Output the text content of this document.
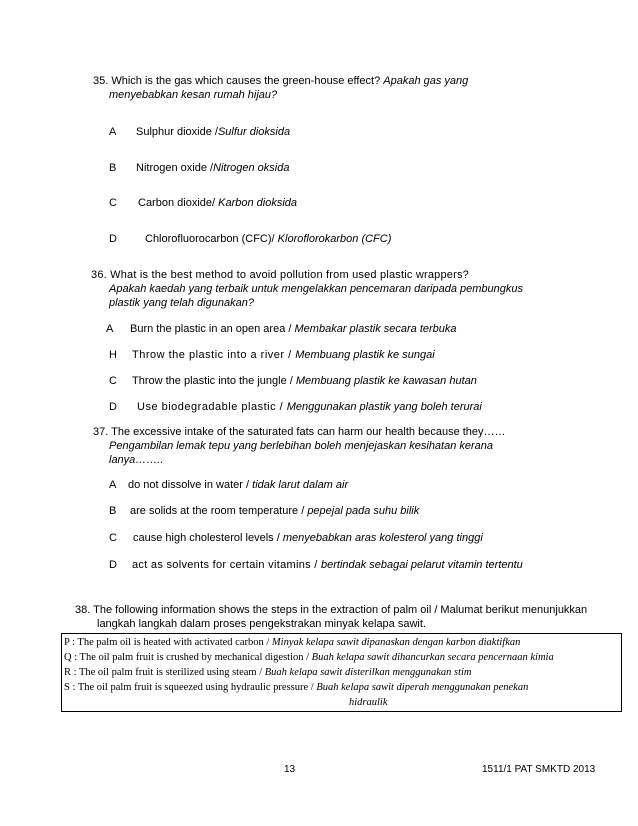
35. Which is the gas which causes the green-house effect? Apakah gas yang
menyebabkan kesan rumah hijau?
A Sulphur dioxide /Sulfur dioksida
B Nitrogen oxide /Nitrogen oksida
C Carbon dioxide/ Karbon dioksida
D	Chlorofluorocarbon (CFC)/ Kloroflorokarbon (CFC)
36. What is the best method to avoid pollution from used plastic wrappers?
Apakah kaedah yang terbaik untuk mengelakkan pencemaran daripada pembungkus
plastik yang telah digunakan?
A Burn the plastic in an open area / Membakar plastik secara terbuka
H Throw the plastic into a river / Membuang plastik ke sungai
C Throw the plastic into the jungle / Membuang plastik ke kawasan hutan
D Use biodegradable plastic / Menggunakan plastik yang boleh terurai
37. The excessive intake of the saturated fats can harm our health because they……
Pengambilan lemak tepu yang berlebihan boleh menjejaskan kesihatan kerana
lanya……..
A do not dissolve in water / tidak larut dalam air
B are solids at the room temperature / pepejal pada suhu bilik
C cause high cholesterol levels / menyebabkan aras kolesterol yang tinggi
D act as solvents for certain vitamins / bertindak sebagai pelarut vitamin tertentu
38. The following information shows the steps in the extraction of palm oil / Malumat berikut menunjukkan
langkah langkah dalam proses pengekstrakan minyak kelapa sawit.
P : The palm oil is heated with activated carbon / Minyak kelapa sawit dipanaskan dengan karbon diaktifkan
Q : The oil palm fruit is crushed by mechanical digestion / Buah kelapa sawit dihancurkan secara pencernaan kimia
R : The oil palm fruit is sterilized using steam / Buah kelapa sawit disterilkan menggunakan stim
S : The oil palm fruit is squeezed using hydraulic pressure / Buah kelapa sawit diperah menggunakan penekan
hidraulik
13	1511/1 PAT SMKTD 2013
